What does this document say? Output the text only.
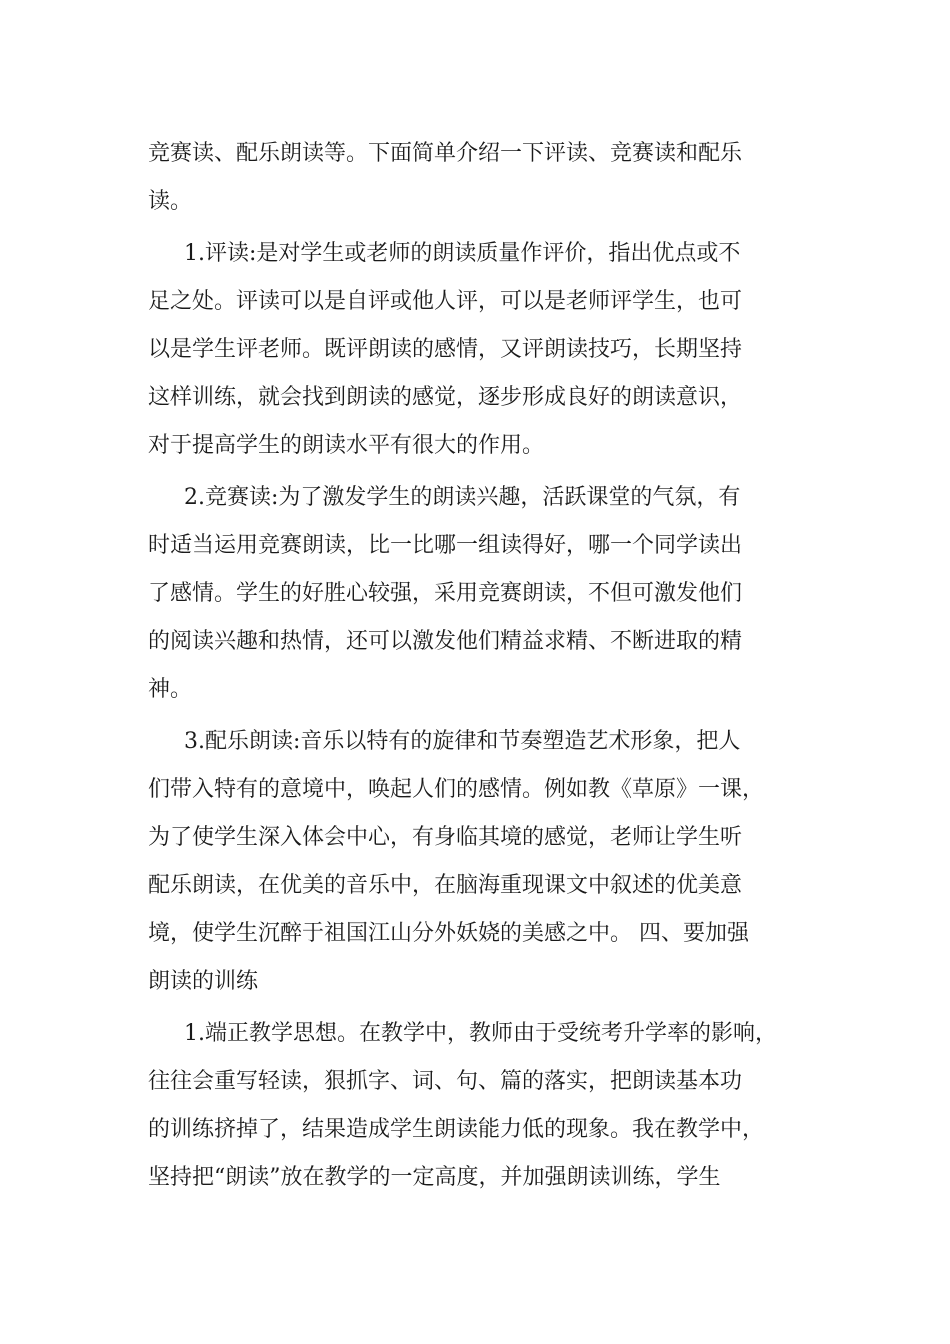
竞赛读、配乐朗读等。下面简单介绍一下评读、竞赛读和配乐
读。
1.评读:是对学生或老师的朗读质量作评价，指出优点或不
足之处。评读可以是自评或他人评，可以是老师评学生，也可
以是学生评老师。既评朗读的感情，又评朗读技巧，长期坚持
这样训练，就会找到朗读的感觉，逐步形成良好的朗读意识，
对于提高学生的朗读水平有很大的作用。
2.竞赛读:为了激发学生的朗读兴趣，活跃课堂的气氛，有
时适当运用竞赛朗读，比一比哪一组读得好，哪一个同学读出
了感情。学生的好胜心较强，采用竞赛朗读，不但可激发他们
的阅读兴趣和热情，还可以激发他们精益求精、不断进取的精
神。
3.配乐朗读:音乐以特有的旋律和节奏塑造艺术形象，把人
们带入特有的意境中，唤起人们的感情。例如教《草原》一课，
为了使学生深入体会中心，有身临其境的感觉，老师让学生听
配乐朗读，在优美的音乐中，在脑海重现课文中叙述的优美意
境，使学生沉醉于祖国江山分外妖娆的美感之中。 四、要加强
朗读的训练
1.端正教学思想。在教学中，教师由于受统考升学率的影响，
往往会重写轻读，狠抓字、词、句、篇的落实，把朗读基本功
的训练挤掉了，结果造成学生朗读能力低的现象。我在教学中，
坚持把“朗读”放在教学的一定高度，并加强朗读训练，学生
